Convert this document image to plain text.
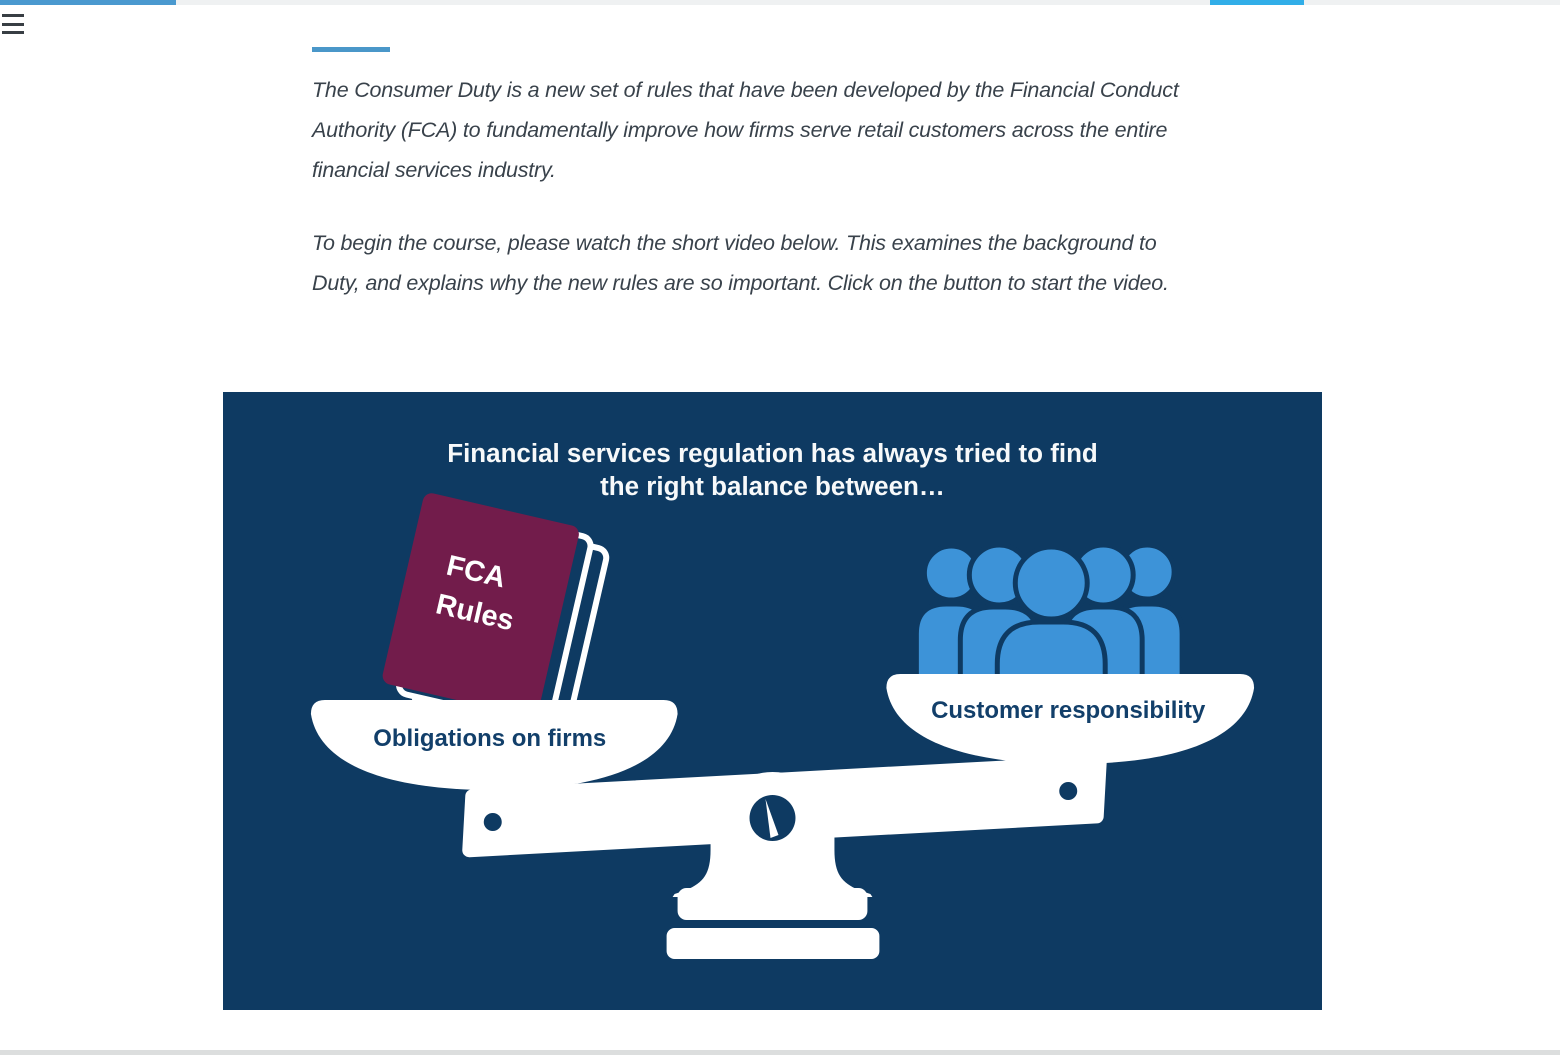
The Consumer Duty is a new set of rules that have been developed by the Financial Conduct Authority (FCA) to fundamentally improve how firms serve retail customers across the entire financial services industry.

To begin the course, please watch the short video below. This examines the background to Duty, and explains why the new rules are so important. Click on the button to start the video.

Financial services regulation has always tried to find
the right balance between…
FCA
Rules
Customer responsibility
Obligations on firms
